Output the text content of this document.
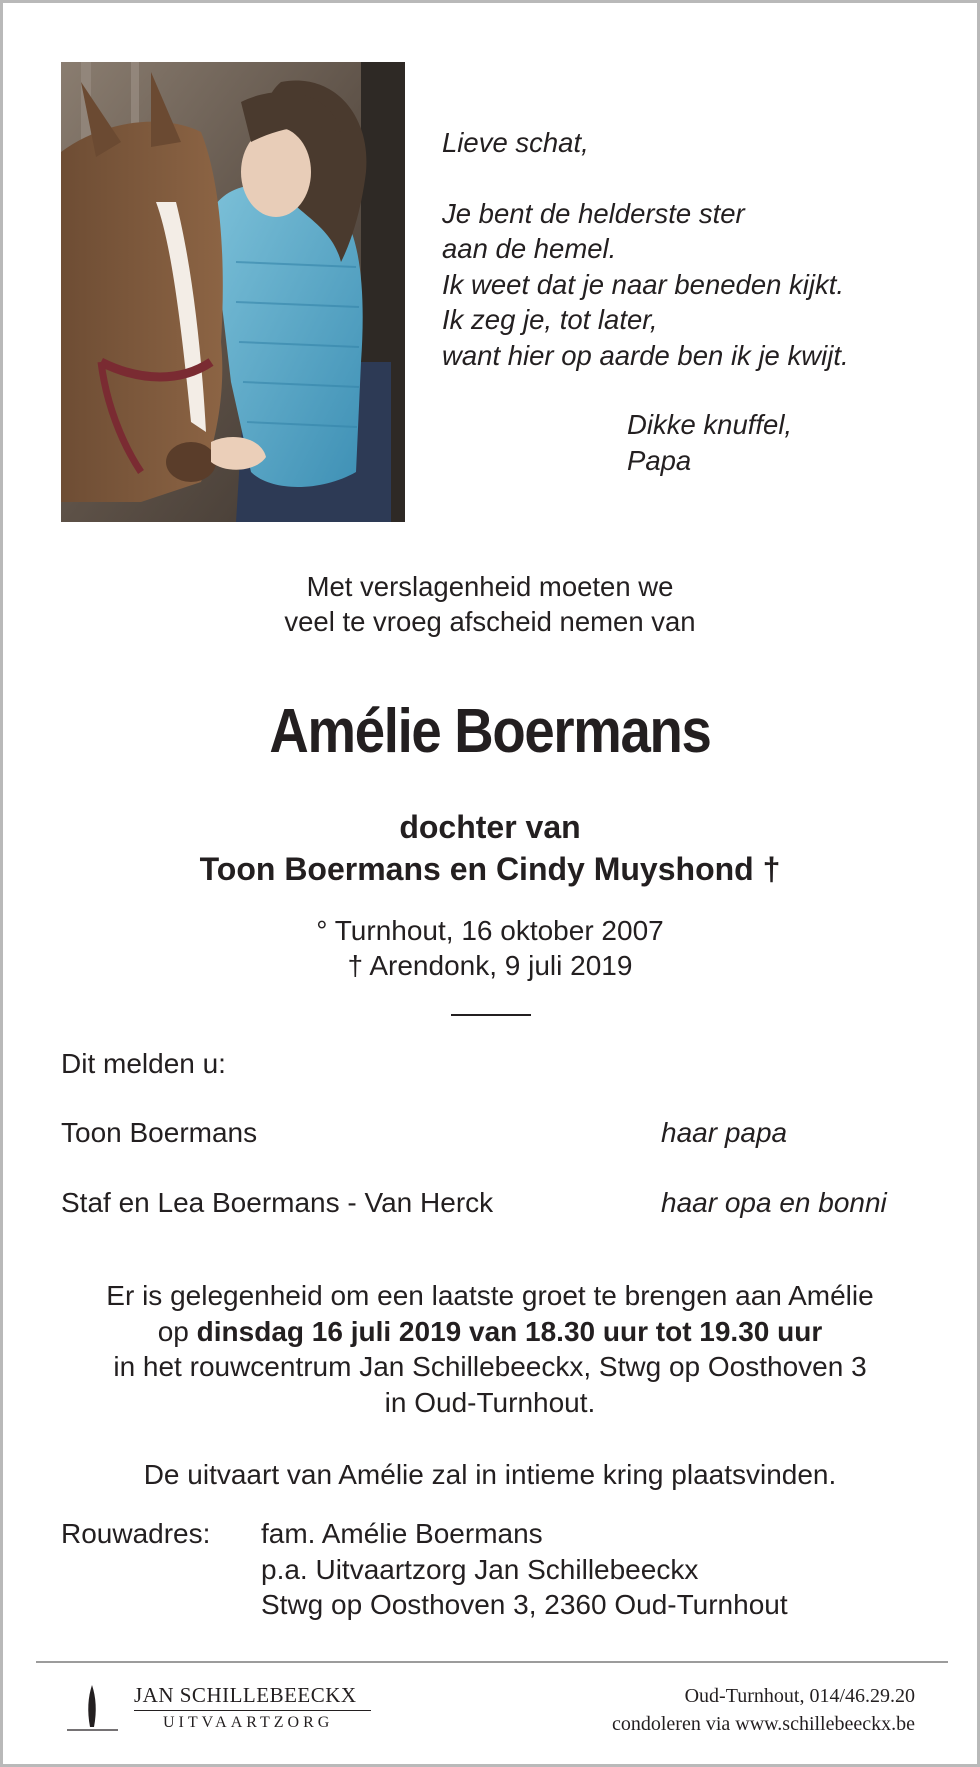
Lieve schat,
Je bent de helderste ster
aan de hemel.
Ik weet dat je naar beneden kijkt.
Ik zeg je, tot later,
want hier op aarde ben ik je kwijt.
Dikke knuffel,
Papa
Met verslagenheid moeten we
veel te vroeg afscheid nemen van
Amélie Boermans
dochter van
Toon Boermans en Cindy Muyshond †
° Turnhout, 16 oktober 2007
† Arendonk, 9 juli 2019
Dit melden u:
Toon Boermans	haar papa
Staf en Lea Boermans - Van Herck	haar opa en bonni
Er is gelegenheid om een laatste groet te brengen aan Amélie
op dinsdag 16 juli 2019 van 18.30 uur tot 19.30 uur
in het rouwcentrum Jan Schillebeeckx, Stwg op Oosthoven 3
in Oud-Turnhout.
De uitvaart van Amélie zal in intieme kring plaatsvinden.
Rouwadres: fam. Amélie Boermans
p.a. Uitvaartzorg Jan Schillebeeckx
Stwg op Oosthoven 3, 2360 Oud-Turnhout
JAN SCHILLEBEECKX
UITVAARTZORG
Oud-Turnhout, 014/46.29.20
condoleren via www.schillebeeckx.be
